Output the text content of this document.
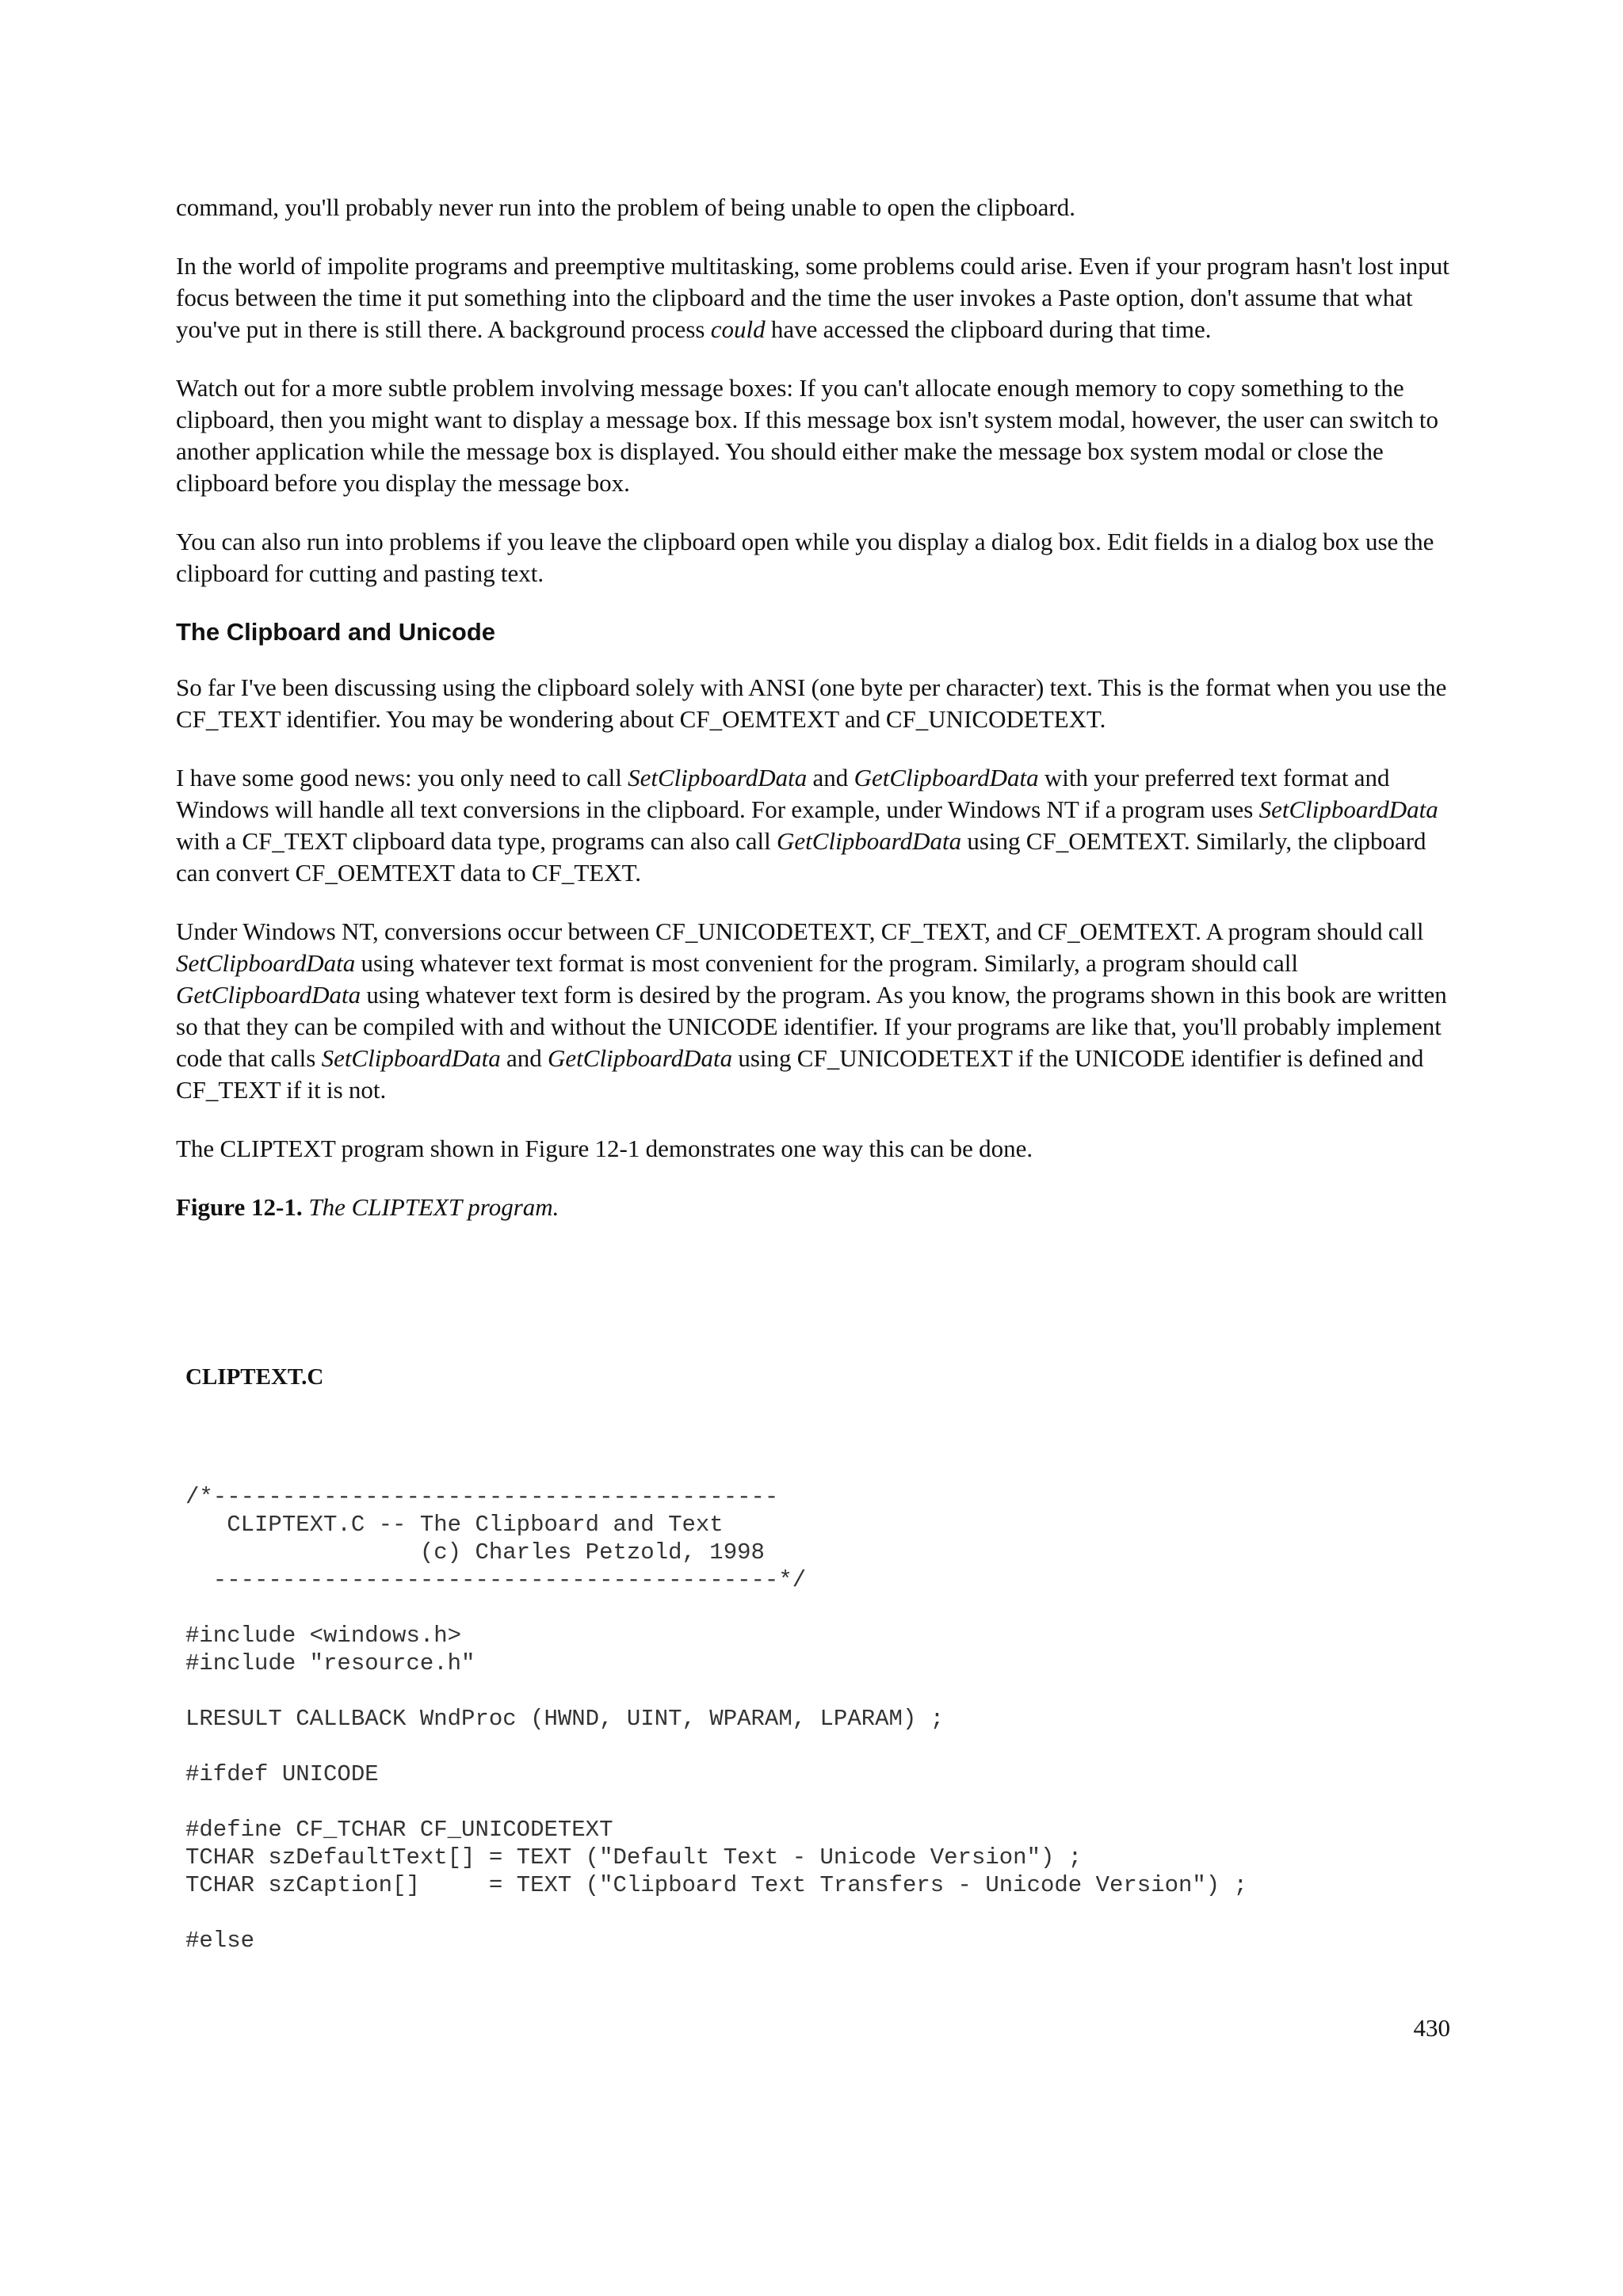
command, you'll probably never run into the problem of being unable to open the clipboard.

In the world of impolite programs and preemptive multitasking, some problems could arise. Even if your program hasn't lost input focus between the time it put something into the clipboard and the time the user invokes a Paste option, don't assume that what you've put in there is still there. A background process could have accessed the clipboard during that time.

Watch out for a more subtle problem involving message boxes: If you can't allocate enough memory to copy something to the clipboard, then you might want to display a message box. If this message box isn't system modal, however, the user can switch to another application while the message box is displayed. You should either make the message box system modal or close the clipboard before you display the message box.

You can also run into problems if you leave the clipboard open while you display a dialog box. Edit fields in a dialog box use the clipboard for cutting and pasting text.

The Clipboard and Unicode

So far I've been discussing using the clipboard solely with ANSI (one byte per character) text. This is the format when you use the CF_TEXT identifier. You may be wondering about CF_OEMTEXT and CF_UNICODETEXT.

I have some good news: you only need to call SetClipboardData and GetClipboardData with your preferred text format and Windows will handle all text conversions in the clipboard. For example, under Windows NT if a program uses SetClipboardData with a CF_TEXT clipboard data type, programs can also call GetClipboardData using CF_OEMTEXT. Similarly, the clipboard can convert CF_OEMTEXT data to CF_TEXT.

Under Windows NT, conversions occur between CF_UNICODETEXT, CF_TEXT, and CF_OEMTEXT. A program should call SetClipboardData using whatever text format is most convenient for the program. Similarly, a program should call GetClipboardData using whatever text form is desired by the program. As you know, the programs shown in this book are written so that they can be compiled with and without the UNICODE identifier. If your programs are like that, you'll probably implement code that calls SetClipboardData and GetClipboardData using CF_UNICODETEXT if the UNICODE identifier is defined and CF_TEXT if it is not.

The CLIPTEXT program shown in Figure 12-1 demonstrates one way this can be done.

Figure 12-1. The CLIPTEXT program.

CLIPTEXT.C
/*-----------------------------------------
CLIPTEXT.C -- The Clipboard and Text
(c) Charles Petzold, 1998
-----------------------------------------*/

#include <windows.h>
#include "resource.h"

LRESULT CALLBACK WndProc (HWND, UINT, WPARAM, LPARAM) ;

#ifdef UNICODE

#define CF_TCHAR CF_UNICODETEXT
TCHAR szDefaultText[] = TEXT ("Default Text - Unicode Version") ;
TCHAR szCaption[]     = TEXT ("Clipboard Text Transfers - Unicode Version") ;

#else
430
